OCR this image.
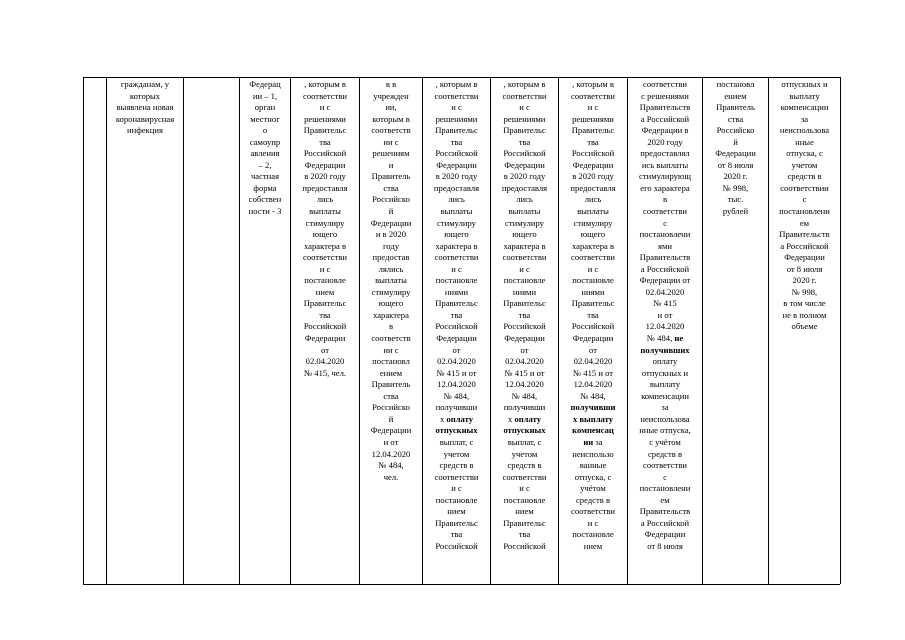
гражданам, у
которых
выявлена новая
коронавирусная
инфекция
Федерац
ии – 1,
орган
местног
о
самоупр
авления
– 2,
частная
форма
собствен
ности - 3
, которым в
соответстви
и с
решениями
Правительс
тва
Российской
Федерации
в 2020 году
предоставля
лись
выплаты
стимулиру
ющего
характера в
соответстви
и с
постановле
нием
Правительс
тва
Российской
Федерации
от
02.04.2020
№ 415, чел.
в в
учрежден
ии,
которым в
соответств
ии с
решениям
и
Правитель
ства
Российско
й
Федерации
и в 2020
году
предостав
лялись
выплаты
стимулиру
ющего
характера
в
соответств
ии с
постановл
ением
Правитель
ства
Российско
й
Федерации
и от
12.04.2020
№ 484,
чел.
, которым в
соответстви
и с
решениями
Правительс
тва
Российской
Федерации
в 2020 году
предоставля
лись
выплаты
стимулиру
ющего
характера в
соответстви
и с
постановле
ниями
Правительс
тва
Российской
Федерации
от
02.04.2020
№ 415 и от
12.04.2020
№ 484,
получивши
х оплату
отпускных
выплат, с
учетом
средств в
соответстви
и с
постановле
нием
Правительс
тва
Российской
, которым в
соответстви
и с
решениями
Правительс
тва
Российской
Федерации
в 2020 году
предоставля
лись
выплаты
стимулиру
ющего
характера в
соответстви
и с
постановле
ниями
Правительс
тва
Российской
Федерации
от
02.04.2020
№ 415 и от
12.04.2020
№ 484,
получивши
х оплату
отпускных
выплат, с
учетом
средств в
соответстви
и с
постановле
нием
Правительс
тва
Российской
, которым в
соответстви
и с
решениями
Правительс
тва
Российской
Федерации
в 2020 году
предоставля
лись
выплаты
стимулиру
ющего
характера в
соответстви
и с
постановле
ниями
Правительс
тва
Российской
Федерации
от
02.04.2020
№ 415 и от
12.04.2020
№ 484,
получивши
х выплату
компенсац
ии за
неиспользо
ванные
отпуска, с
учётом
средств в
соответстви
и с
постановле
нием
соответстви
с решениями
Правительств
а Российской
Федерации в
2020 году
предоставлял
ись выплаты
стимулирующ
его характера
в
соответстви
с
постановлени
ями
Правительств
а Российской
Федерации от
02.04.2020
№ 415
и от
12.04.2020
№ 484, не
получивших
оплату
отпускных и
выплату
компенсации
за
неиспользова
нные отпуска,
с учётом
средств в
соответстви
с
постановлени
ем
Правительств
а Российской
Федерации
от 8 июля
постановл
ением
Правитель
ства
Российско
й
Федерации
от 8 июля
2020 г.
№ 998,
тыс.
рублей
отпускных и
выплату
компенсации
за
неиспользова
нные
отпуска, с
учетом
средств в
соответствии
с
постановлени
ем
Правительств
а Российской
Федерации
от 8 июля
2020 г.
№ 998,
в том числе
не в полном
объеме
